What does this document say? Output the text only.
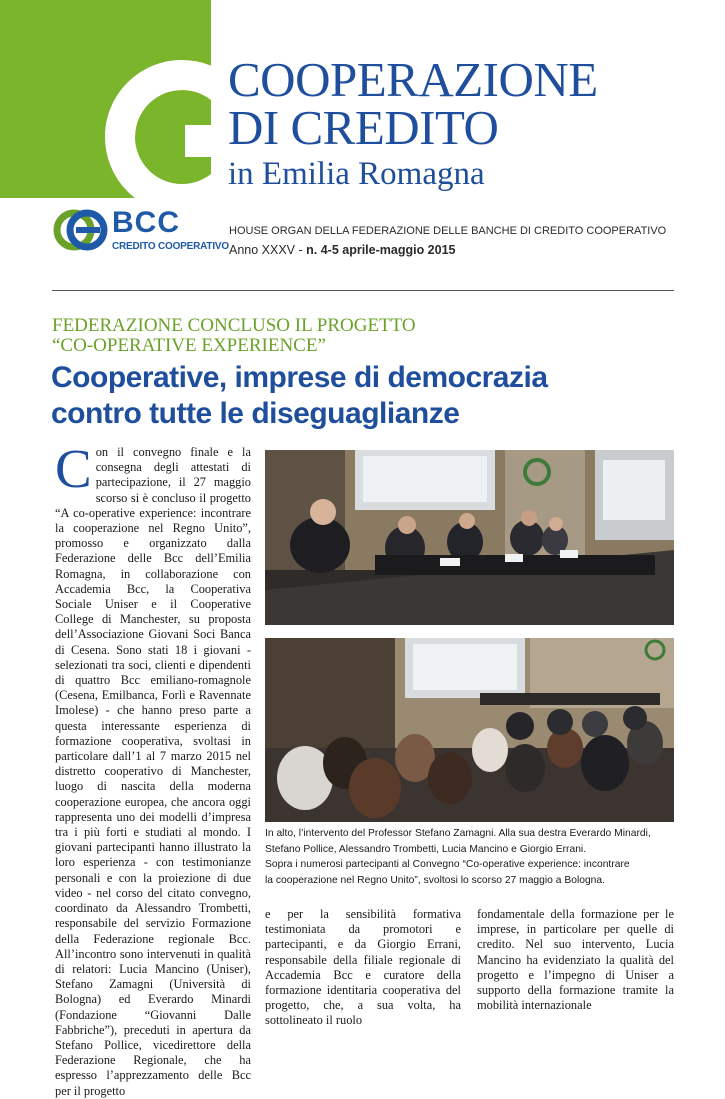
COOPERAZIONE
DI CREDITO
in Emilia Romagna
BCC
CREDITO COOPERATIVO
HOUSE ORGAN DELLA FEDERAZIONE DELLE BANCHE DI CREDITO COOPERATIVO
Anno XXXV - n. 4-5 aprile-maggio 2015
FEDERAZIONE CONCLUSO IL PROGETTO
“CO-OPERATIVE EXPERIENCE”
Cooperative, imprese di democrazia
contro tutte le diseguaglianze
Con il convegno finale e la consegna degli attestati di partecipazione, il 27 maggio scorso si è concluso il progetto “A co-operative experience: incontrare la cooperazione nel Regno Unito”, promosso e organizzato dalla Federazione delle Bcc dell’Emilia Romagna, in collaborazione con Accademia Bcc, la Cooperativa Sociale Uniser e il Cooperative College di Manchester, su proposta dell’Associazione Giovani Soci Banca di Cesena. Sono stati 18 i giovani - selezionati tra soci, clienti e dipendenti di quattro Bcc emiliano-romagnole (Cesena, Emilbanca, Forlì e Ravennate Imolese) - che hanno preso parte a questa interessante esperienza di formazione cooperativa, svoltasi in particolare dall’1 al 7 marzo 2015 nel distretto cooperativo di Manchester, luogo di nascita della moderna cooperazione europea, che ancora oggi rappresenta uno dei modelli d’impresa tra i più forti e studiati al mondo. I giovani partecipanti hanno illustrato la loro esperienza - con testimonianze personali e con la proiezione di due video - nel corso del citato convegno, coordinato da Alessandro Trombetti, responsabile del servizio Formazione della Federazione regionale Bcc. All’incontro sono intervenuti in qualità di relatori: Lucia Mancino (Uniser), Stefano Zamagni (Università di Bologna) ed Everardo Minardi (Fondazione “Giovanni Dalle Fabbriche”), preceduti in apertura da Stefano Pollice, vicedirettore della Federazione Regionale, che ha espresso l’apprezzamento delle Bcc per il progetto
In alto, l’intervento del Professor Stefano Zamagni. Alla sua destra Everardo Minardi,
Stefano Pollice, Alessandro Trombetti, Lucia Mancino e Giorgio Errani.
Sopra i numerosi partecipanti al Convegno “Co-operative experience: incontrare
la cooperazione nel Regno Unito”, svoltosi lo scorso 27 maggio a Bologna.
e per la sensibilità formativa testimoniata da promotori e partecipanti, e da Giorgio Errani, responsabile della filiale regionale di Accademia Bcc e curatore della formazione identitaria cooperativa del progetto, che, a sua volta, ha sottolineato il ruolo
fondamentale della formazione per le imprese, in particolare per quelle di credito. Nel suo intervento, Lucia Mancino ha evidenziato la qualità del progetto e l’impegno di Uniser a supporto della formazione tramite la mobilità internazionale
